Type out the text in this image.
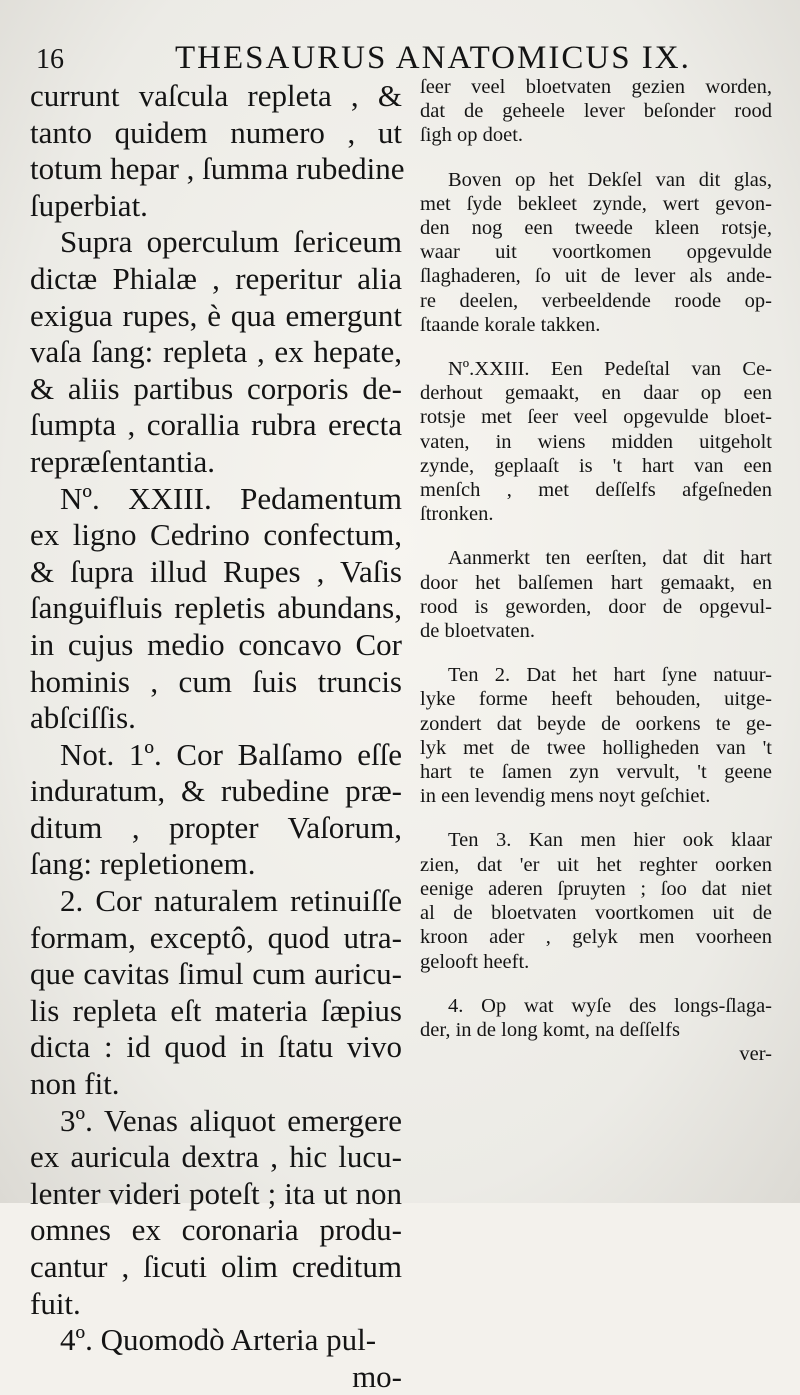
16	THESAURUS ANATOMICUS IX.
currunt vaſcula repleta , &
tanto quidem numero , ut
totum hepar , ſumma rubedine
ſuperbiat.
Supra operculum ſericeum
dictæ Phialæ , reperitur alia
exigua rupes, è qua emergunt
vaſa ſang: repleta , ex hepate,
& aliis partibus corporis de-
ſumpta , corallia rubra erecta
repræſentantia.
Nº. XXIII. Pedamentum
ex ligno Cedrino confectum,
& ſupra illud Rupes , Vaſis
ſanguifluis repletis abundans,
in cujus medio concavo Cor
hominis , cum ſuis truncis
abſciſſis.
Not. 1º. Cor Balſamo eſſe
induratum, & rubedine præ-
ditum , propter Vaſorum,
ſang: repletionem.
2. Cor naturalem retinuiſſe
formam, exceptô, quod utra-
que cavitas ſimul cum auricu-
lis repleta eſt materia ſæpius
dicta : id quod in ſtatu vivo
non fit.
3º. Venas aliquot emergere
ex auricula dextra , hic lucu-
lenter videri poteſt ; ita ut non
omnes ex coronaria produ-
cantur , ſicuti olim creditum
fuit.
4º. Quomodò Arteria pul-
mo-
ſeer veel bloetvaten gezien worden,
dat de geheele lever beſonder rood
ſigh op doet.
Boven op het Dekſel van dit glas,
met ſyde bekleet zynde, wert gevon-
den nog een tweede kleen rotsje,
waar uit voortkomen opgevulde
ſlaghaderen, ſo uit de lever als ande-
re deelen, verbeeldende roode op-
ſtaande korale takken.
Nº.XXIII. Een Pedeſtal van Ce-
derhout gemaakt, en daar op een
rotsje met ſeer veel opgevulde bloet-
vaten, in wiens midden uitgeholt
zynde, geplaaſt is 't hart van een
menſch , met deſſelfs afgeſneden
ſtronken.
Aanmerkt ten eerſten, dat dit hart
door het balſemen hart gemaakt, en
rood is geworden, door de opgevul-
de bloetvaten.
Ten 2. Dat het hart ſyne natuur-
lyke forme heeft behouden, uitge-
zondert dat beyde de oorkens te ge-
lyk met de twee holligheden van 't
hart te ſamen zyn vervult, 't geene
in een levendig mens noyt geſchiet.
Ten 3. Kan men hier ook klaar
zien, dat 'er uit het reghter oorken
eenige aderen ſpruyten ; ſoo dat niet
al de bloetvaten voortkomen uit de
kroon ader , gelyk men voorheen
gelooft heeft.
4. Op wat wyſe des longs-ſlaga-
der, in de long komt, na deſſelfs
ver-
